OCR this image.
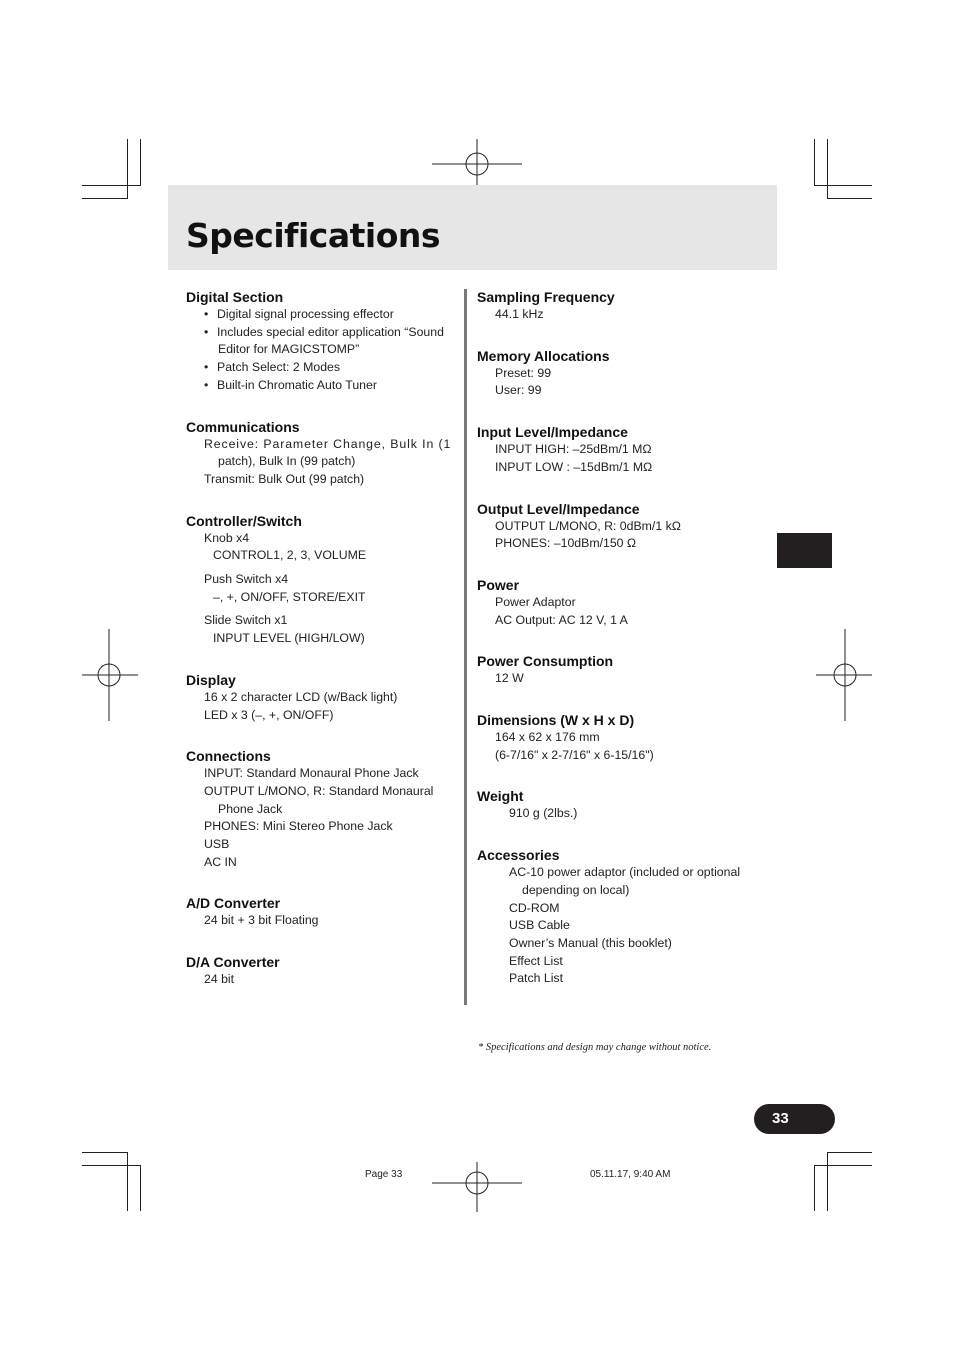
Specifications
Digital Section
• Digital signal processing effector
• Includes special editor application “Sound
Editor for MAGICSTOMP”
• Patch Select: 2 Modes
• Built-in Chromatic Auto Tuner
Communications
Receive: Parameter Change, Bulk In (1
patch), Bulk In (99 patch)
Transmit: Bulk Out (99 patch)
Controller/Switch
Knob x4
CONTROL1, 2, 3, VOLUME
Push Switch x4
–, +, ON/OFF, STORE/EXIT
Slide Switch x1
INPUT LEVEL (HIGH/LOW)
Display
16 x 2 character LCD (w/Back light)
LED x 3 (–, +, ON/OFF)
Connections
INPUT: Standard Monaural Phone Jack
OUTPUT L/MONO, R: Standard Monaural
Phone Jack
PHONES: Mini Stereo Phone Jack
USB
AC IN
A/D Converter
24 bit + 3 bit Floating
D/A Converter
24 bit
Sampling Frequency
44.1 kHz
Memory Allocations
Preset: 99
User: 99
Input Level/Impedance
INPUT HIGH: –25dBm/1 MΩ
INPUT LOW : –15dBm/1 MΩ
Output Level/Impedance
OUTPUT L/MONO, R: 0dBm/1 kΩ
PHONES: –10dBm/150 Ω
Power
Power Adaptor
AC Output: AC 12 V, 1 A
Power Consumption
12 W
Dimensions (W x H x D)
164 x 62 x 176 mm
(6-7/16" x 2-7/16" x 6-15/16")
Weight
910 g (2lbs.)
Accessories
AC-10 power adaptor (included or optional
depending on local)
CD-ROM
USB Cable
Owner’s Manual (this booklet)
Effect List
Patch List
* Specifications and design may change without notice.
33
Page 33	05.11.17, 9:40 AM
